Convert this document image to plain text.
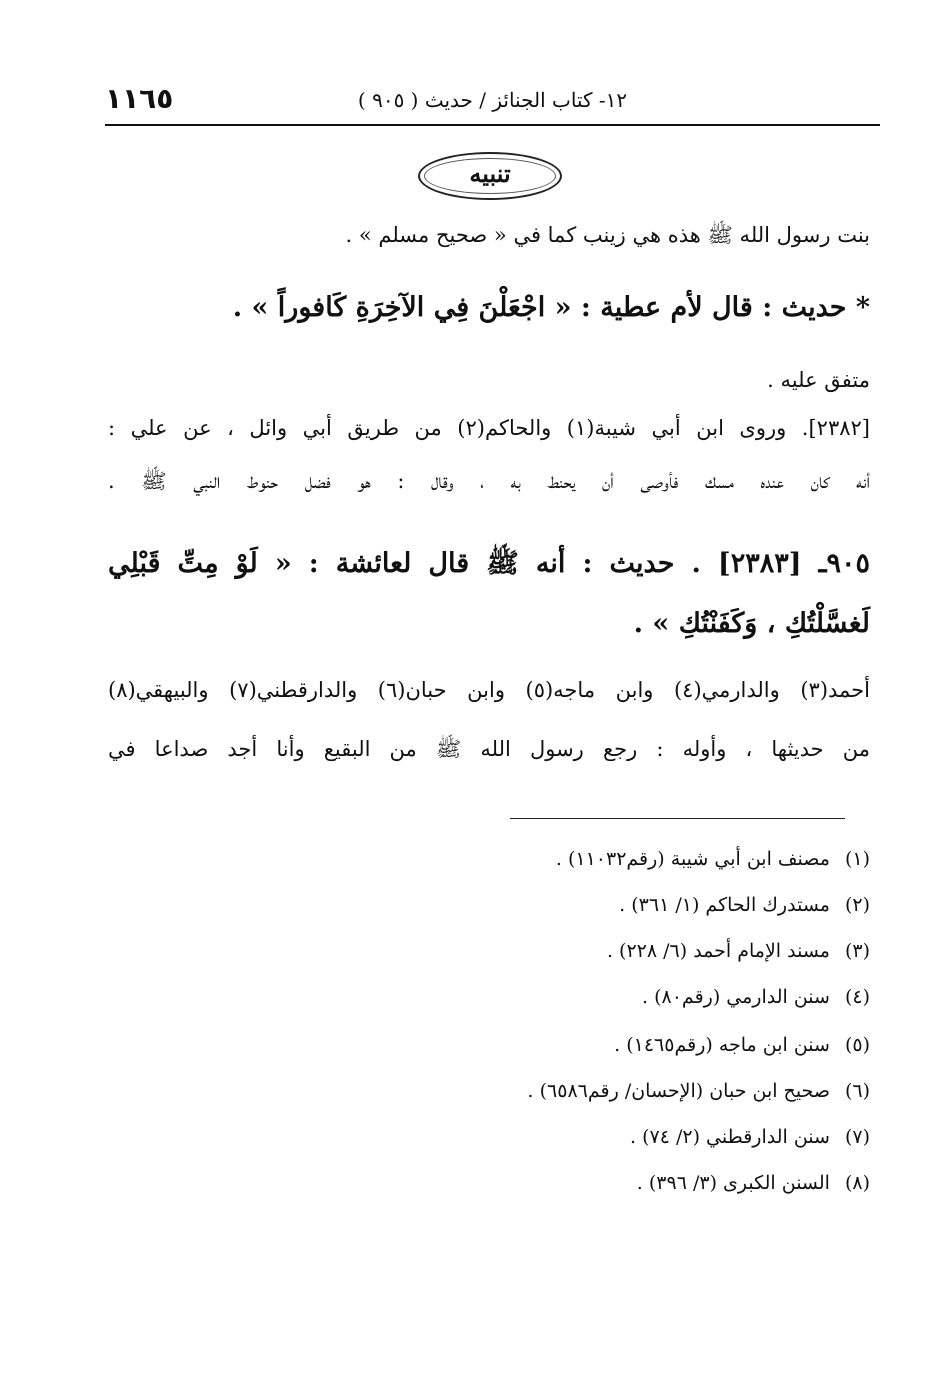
١١٦٥	١٢- كتاب الجنائز / حديث ( ٩٠٥ )
تنبيه
بنت رسول الله ﷺ هذه هي زينب كما في « صحيح مسلم » .
* حديث : قال لأم عطية : « اجْعَلْنَ فِي الآخِرَةِ كَافوراً » .
متفق عليه .
[٢٣٨٢]. وروى ابن أبي شيبة(١) والحاكم(٢) من طريق أبي وائل ، عن علي :
أنه كان عنده مسك فأوصى أن يحنط به ، وقال : هو فضل حنوط النبي ﷺ .
٩٠٥ـ [٢٣٨٣] . حديث : أنه ﷺ قال لعائشة : « لَوْ مِتِّ قَبْلِي
لَغسَّلْتُكِ ، وَكَفَنْتُكِ » .
أحمد(٣) والدارمي(٤) وابن ماجه(٥) وابن حبان(٦) والدارقطني(٧) والبيهقي(٨)
من حديثها ، وأوله : رجع رسول الله ﷺ من البقيع وأنا أجد صداعا في
(١) مصنف ابن أبي شيبة (رقم١١٠٣٢) .
(٢) مستدرك الحاكم (١/ ٣٦١) .
(٣) مسند الإمام أحمد (٦/ ٢٢٨) .
(٤) سنن الدارمي (رقم٨٠) .
(٥) سنن ابن ماجه (رقم١٤٦٥) .
(٦) صحيح ابن حبان (الإحسان/ رقم٦٥٨٦) .
(٧) سنن الدارقطني (٢/ ٧٤) .
(٨) السنن الكبرى (٣/ ٣٩٦) .
